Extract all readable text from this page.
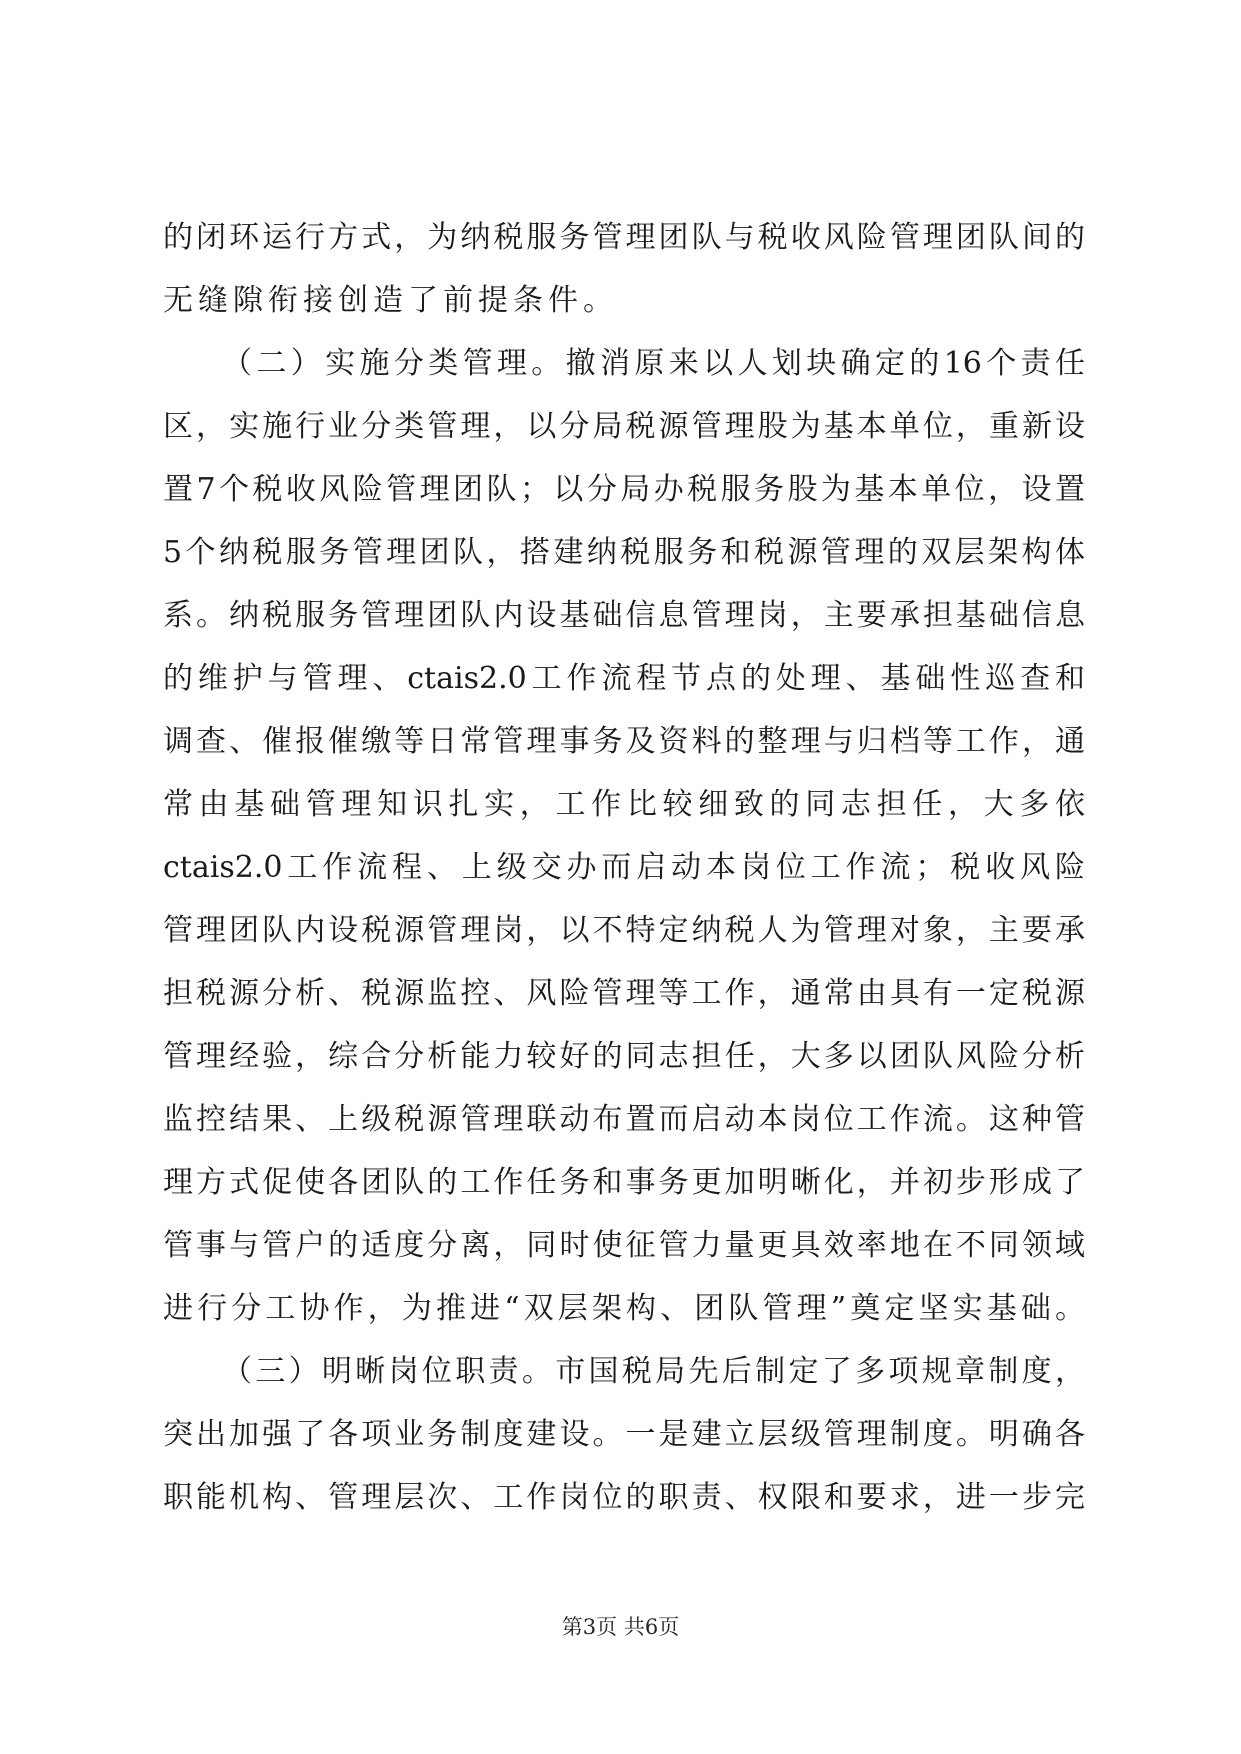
的闭环运行方式，为纳税服务管理团队与税收风险管理团队间的
无缝隙衔接创造了前提条件。
（二）实施分类管理。撤消原来以人划块确定的16个责任
区，实施行业分类管理，以分局税源管理股为基本单位，重新设
置7个税收风险管理团队；以分局办税服务股为基本单位，设置
5个纳税服务管理团队，搭建纳税服务和税源管理的双层架构体
系。纳税服务管理团队内设基础信息管理岗，主要承担基础信息
的维护与管理、ctais2.0工作流程节点的处理、基础性巡查和
调查、催报催缴等日常管理事务及资料的整理与归档等工作，通
常由基础管理知识扎实，工作比较细致的同志担任，大多依
ctais2.0工作流程、上级交办而启动本岗位工作流；税收风险
管理团队内设税源管理岗，以不特定纳税人为管理对象，主要承
担税源分析、税源监控、风险管理等工作，通常由具有一定税源
管理经验，综合分析能力较好的同志担任，大多以团队风险分析
监控结果、上级税源管理联动布置而启动本岗位工作流。这种管
理方式促使各团队的工作任务和事务更加明晰化，并初步形成了
管事与管户的适度分离，同时使征管力量更具效率地在不同领域
进行分工协作，为推进“双层架构、团队管理”奠定坚实基础。
（三）明晰岗位职责。市国税局先后制定了多项规章制度，
突出加强了各项业务制度建设。一是建立层级管理制度。明确各
职能机构、管理层次、工作岗位的职责、权限和要求，进一步完
第3页 共6页
